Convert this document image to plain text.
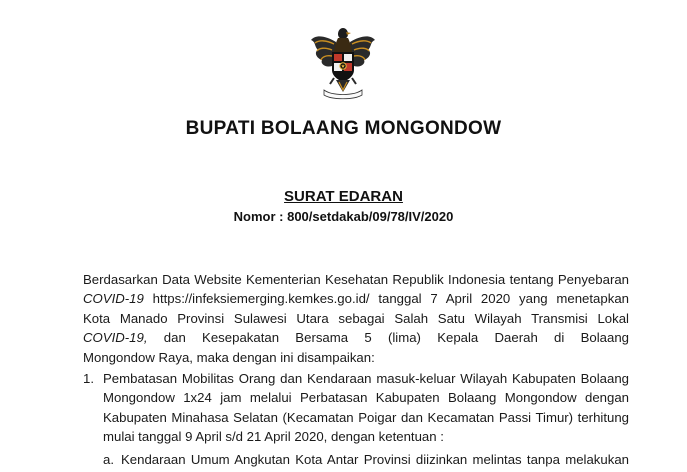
BUPATI BOLAANG MONGONDOW
SURAT EDARAN
Nomor : 800/setdakab/09/78/IV/2020
Berdasarkan Data Website Kementerian Kesehatan Republik Indonesia tentang Penyebaran
COVID-19 https://infeksiemerging.kemkes.go.id/ tanggal 7 April 2020 yang menetapkan
Kota Manado Provinsi Sulawesi Utara sebagai Salah Satu Wilayah Transmisi Lokal
COVID-19, dan Kesepakatan Bersama 5 (lima) Kepala Daerah di Bolaang
Mongondow Raya, maka dengan ini disampaikan:
1. Pembatasan Mobilitas Orang dan Kendaraan masuk-keluar Wilayah Kabupaten Bolaang
Mongondow 1x24 jam melalui Perbatasan Kabupaten Bolaang Mongondow dengan
Kabupaten Minahasa Selatan (Kecamatan Poigar dan Kecamatan Passi Timur) terhitung
mulai tanggal 9 April s/d 21 April 2020, dengan ketentuan :
a. Kendaraan Umum Angkutan Kota Antar Provinsi diizinkan melintas tanpa melakukan
